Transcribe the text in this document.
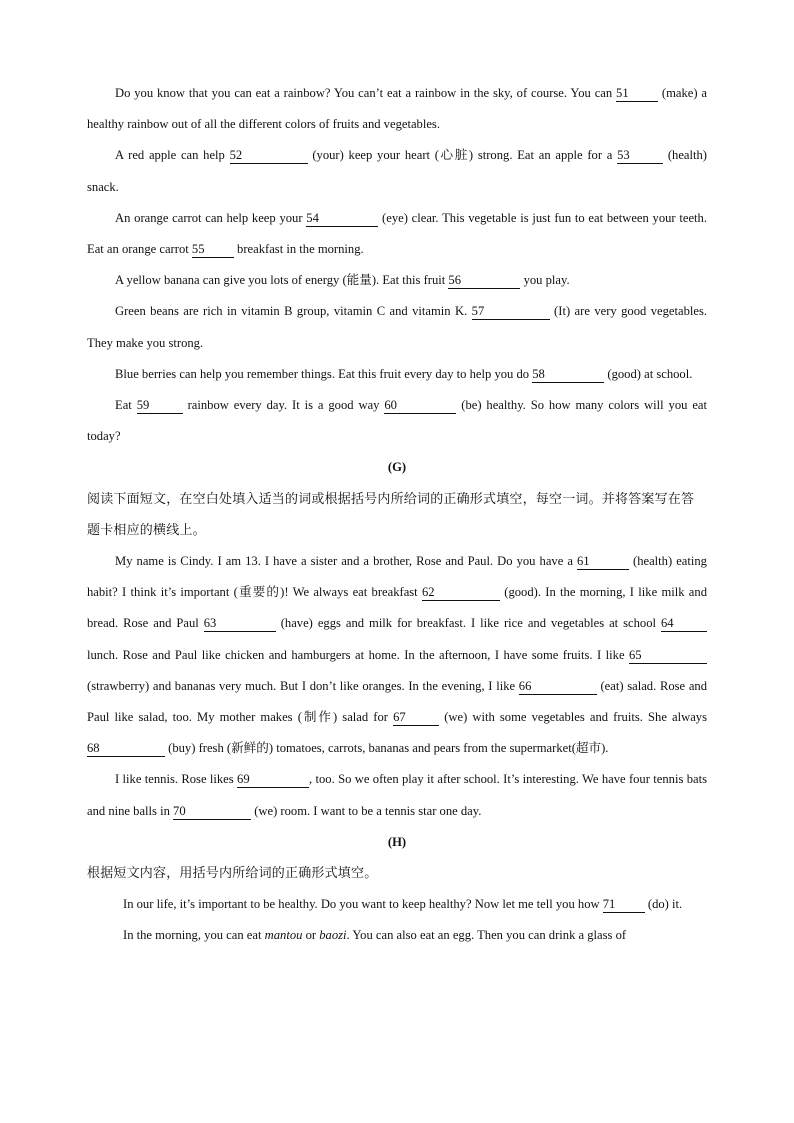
Do you know that you can eat a rainbow? You can’t eat a rainbow in the sky, of course. You can 51 (make) a healthy rainbow out of all the different colors of fruits and vegetables.

A red apple can help 52	(your) keep your heart (心脏) strong. Eat an apple for a 53	(health) snack.

An orange carrot can help keep your 54	(eye) clear. This vegetable is just fun to eat between your teeth. Eat an orange carrot 55 breakfast in the morning.

A yellow banana can give you lots of energy (能量). Eat this fruit 56	you play.

Green beans are rich in vitamin B group, vitamin C and vitamin K. 57	(It) are very good vegetables. They make you strong.

Blue berries can help you remember things. Eat this fruit every day to help you do 58	(good) at school.

Eat 59	rainbow every day. It is a good way 60	(be) healthy. So how many colors will you eat today?

(G)

阅读下面短文，在空白处填入适当的词或根据括号内所给词的正确形式填空，每空一词。并将答案写在答题卡相应的横线上。

My name is Cindy. I am 13. I have a sister and a brother, Rose and Paul. Do you have a 61	(health) eating habit? I think it’s important (重要的)! We always eat breakfast 62	(good). In the morning, I like milk and bread. Rose and Paul 63	(have) eggs and milk for breakfast. I like rice and vegetables at school 64 lunch. Rose and Paul like chicken and hamburgers at home. In the afternoon, I have some fruits. I like 65 (strawberry) and bananas very much. But I don’t like oranges. In the evening, I like 66	(eat) salad. Rose and Paul like salad, too. My mother makes (制作) salad for 67	(we) with some vegetables and fruits. She always 68	(buy) fresh (新鲜的) tomatoes, carrots, bananas and pears from the supermarket(超市).

I like tennis. Rose likes 69	, too. So we often play it after school. It’s interesting. We have four tennis bats and nine balls in 70	(we) room. I want to be a tennis star one day.

(H)

根据短文内容，用括号内所给词的正确形式填空。

In our life, it’s important to be healthy. Do you want to keep healthy? Now let me tell you how 71 (do) it.

In the morning, you can eat mantou or baozi. You can also eat an egg. Then you can drink a glass of
